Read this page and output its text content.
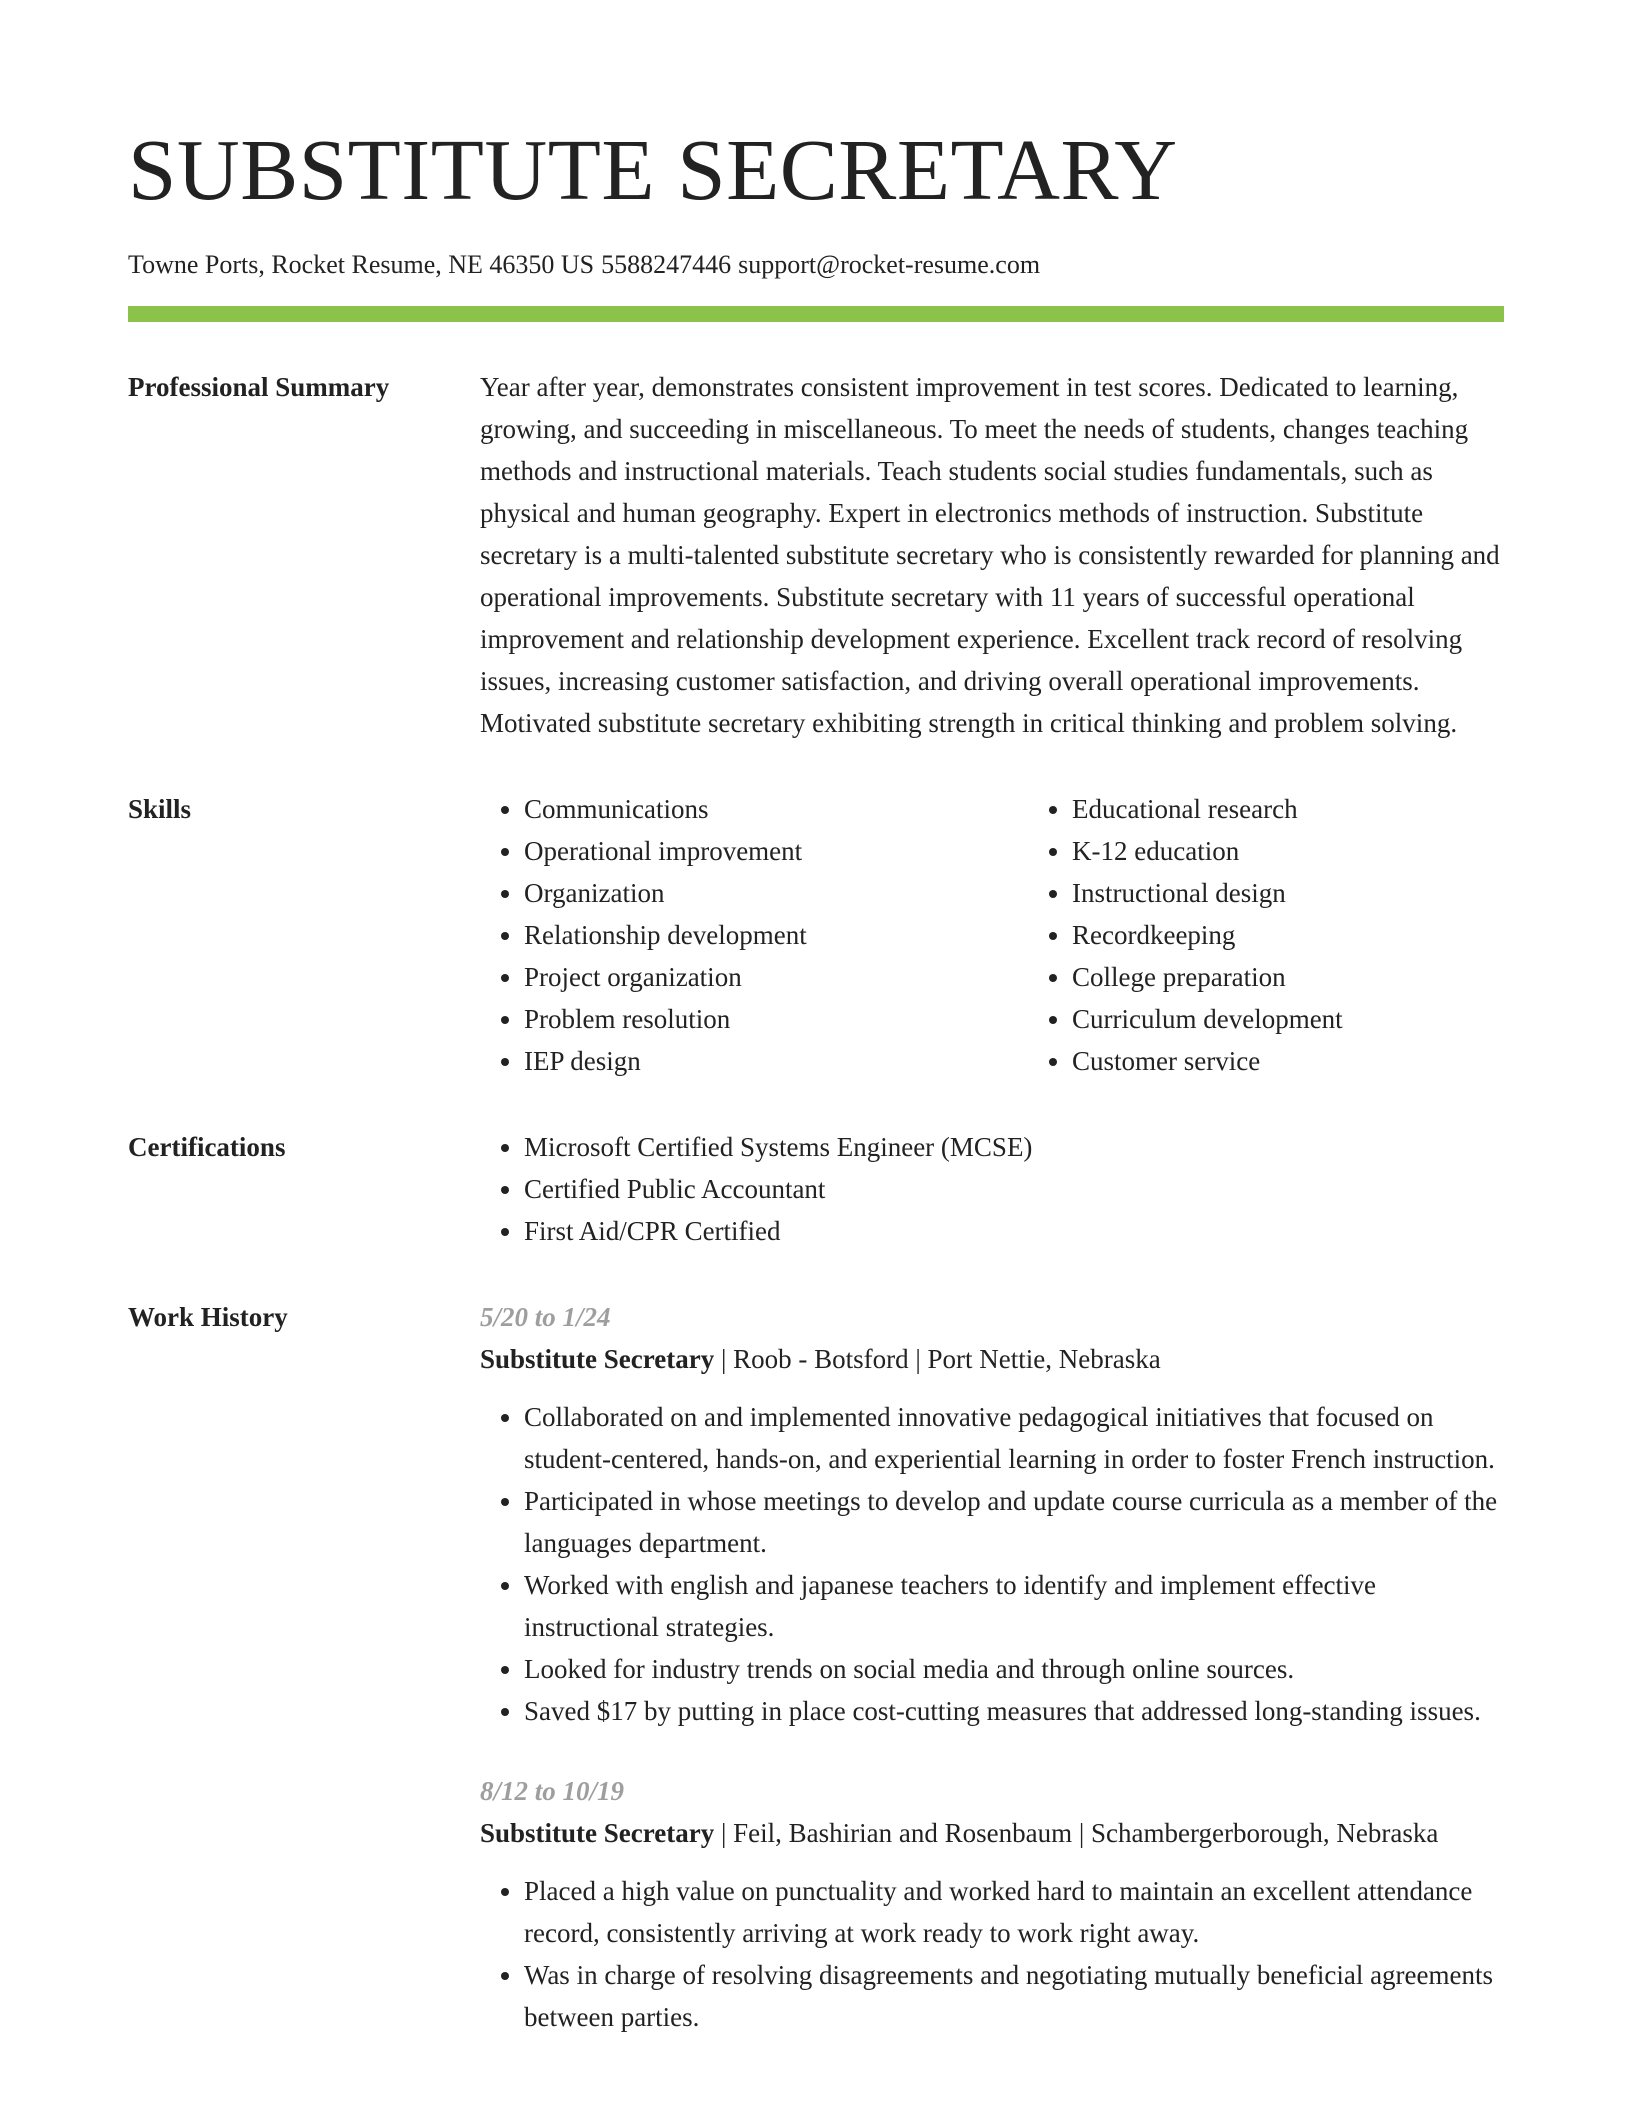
SUBSTITUTE SECRETARY
Towne Ports, Rocket Resume, NE 46350 US 5588247446 support@rocket-resume.com
Professional Summary	Year after year, demonstrates consistent improvement in test scores. Dedicated to learning, growing, and succeeding in miscellaneous. To meet the needs of students, changes teaching methods and instructional materials. Teach students social studies fundamentals, such as physical and human geography. Expert in electronics methods of instruction. Substitute secretary is a multi-talented substitute secretary who is consistently rewarded for planning and operational improvements. Substitute secretary with 11 years of successful operational improvement and relationship development experience. Excellent track record of resolving issues, increasing customer satisfaction, and driving overall operational improvements. Motivated substitute secretary exhibiting strength in critical thinking and problem solving.

Skills	• Communications
• Operational improvement
• Organization
• Relationship development
• Project organization
• Problem resolution
• IEP design
• Educational research
• K-12 education
• Instructional design
• Recordkeeping
• College preparation
• Curriculum development
• Customer service
Certifications	• Microsoft Certified Systems Engineer (MCSE)
• Certified Public Accountant
• First Aid/CPR Certified
Work History	5/20 to 1/24
Substitute Secretary | Roob - Botsford | Port Nettie, Nebraska
• Collaborated on and implemented innovative pedagogical initiatives that focused on student-centered, hands-on, and experiential learning in order to foster French instruction.
• Participated in whose meetings to develop and update course curricula as a member of the languages department.
• Worked with english and japanese teachers to identify and implement effective instructional strategies.
• Looked for industry trends on social media and through online sources.
• Saved $17 by putting in place cost-cutting measures that addressed long-standing issues.
8/12 to 10/19
Substitute Secretary | Feil, Bashirian and Rosenbaum | Schambergerborough, Nebraska
• Placed a high value on punctuality and worked hard to maintain an excellent attendance record, consistently arriving at work ready to work right away.
• Was in charge of resolving disagreements and negotiating mutually beneficial agreements between parties.
